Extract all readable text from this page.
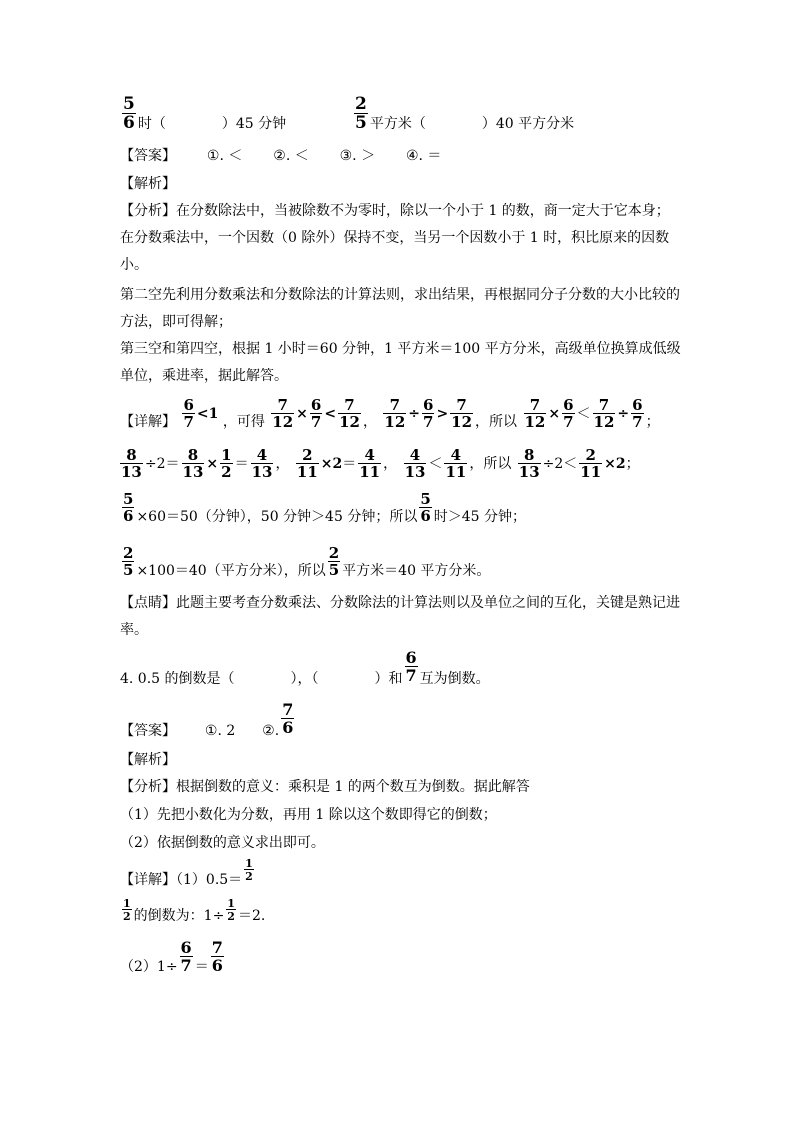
$\frac{5}{6}$ 时（　　　　）45 分钟	$\frac{2}{5}$ 平方米（　　　　）40 平方分米
【答案】 ①. ＜ ②. ＜ ③. ＞ ④. ＝
【解析】
【分析】在分数除法中，当被除数不为零时，除以一个小于 1 的数，商一定大于它本身；在分数乘法中，一个因数（0 除外）保持不变，当另一个因数小于 1 时，积比原来的因数小。
第二空先利用分数乘法和分数除法的计算法则，求出结果，再根据同分子分数的大小比较的方法，即可得解；
第三空和第四空，根据 1 小时＝60 分钟，1 平方米＝100 平方分米，高级单位换算成低级单位，乘进率，据此解答。
【详解】 $\frac{6}{7} <1$ ，可得 $\frac{7}{12} \times \frac{6}{7} < \frac{7}{12}$ ， $\frac{7}{12} \div \frac{6}{7} > \frac{7}{12}$ ，所以 $\frac{7}{12} \times \frac{6}{7} < \frac{7}{12} \div \frac{6}{7}$ ；
$\frac{8}{13} \div 2= \frac{8}{13} \times \frac{1}{2} = \frac{4}{13}$ ， $\frac{2}{11} \times 2= \frac{4}{11}$ ， $\frac{4}{13} < \frac{4}{11}$ ，所以 $\frac{8}{13} \div 2< \frac{2}{11} \times 2$；
$\frac{5}{6} \times 60=50$（分钟），50 分钟＞45 分钟；所以 $\frac{5}{6}$ 时＞45 分钟；
$\frac{2}{5} \times 100=40$（平方分米），所以 $\frac{2}{5}$ 平方米＝40 平方分米。
【点睛】此题主要考查分数乘法、分数除法的计算法则以及单位之间的互化，关键是熟记进率。
4. 0.5 的倒数是（　　　　），（　　　　）和 $\frac{6}{7}$ 互为倒数。
【答案】 ①. 2 ②. $\frac{7}{6}$
【解析】
【分析】根据倒数的意义：乘积是 1 的两个数互为倒数。据此解答
（1）先把小数化为分数，再用 1 除以这个数即得它的倒数；
（2）依据倒数的意义求出即可。
【详解】$(1)0.5= \frac{1}{2}$
$\frac{1}{2}$ 的倒数为：$1\div \frac{1}{2} =2$.
$(2)1\div \frac{6}{7} = \frac{7}{6}$
